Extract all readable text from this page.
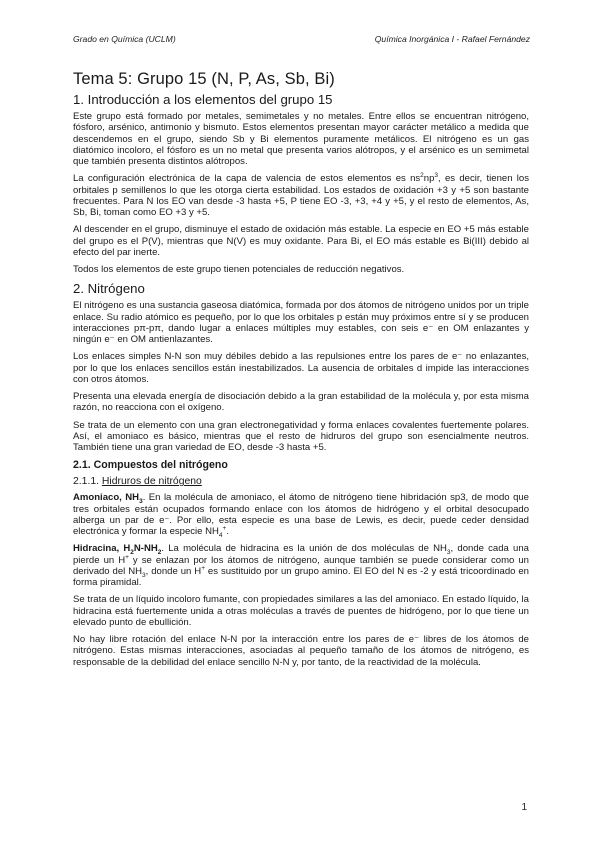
Grado en Química (UCLM)	Química Inorgánica I - Rafael Fernández
Tema 5: Grupo 15 (N, P, As, Sb, Bi)
1. Introducción a los elementos del grupo 15

Este grupo está formado por metales, semimetales y no metales. Entre ellos se encuentran nitrógeno, fósforo, arsénico, antimonio y bismuto. Estos elementos presentan mayor carácter metálico a medida que descendemos en el grupo, siendo Sb y Bi elementos puramente metálicos. El nitrógeno es un gas diatómico incoloro, el fósforo es un no metal que presenta varios alótropos, y el arsénico es un semimetal que también presenta distintos alótropos.

La configuración electrónica de la capa de valencia de estos elementos es $ns^2np^3$, es decir, tienen los orbitales p semillenos lo que les otorga cierta estabilidad. Los estados de oxidación +3 y +5 son bastante frecuentes. Para N los EO van desde -3 hasta +5, P tiene EO -3, +3, +4 y +5, y el resto de elementos, As, Sb, Bi, toman como EO +3 y +5.

Al descender en el grupo, disminuye el estado de oxidación más estable. La especie en EO +5 más estable del grupo es el P(V), mientras que N(V) es muy oxidante. Para Bi, el EO más estable es Bi(III) debido al efecto del par inerte.

Todos los elementos de este grupo tienen potenciales de reducción negativos.

2. Nitrógeno

El nitrógeno es una sustancia gaseosa diatómica, formada por dos átomos de nitrógeno unidos por un triple enlace. Su radio atómico es pequeño, por lo que los orbitales p están muy próximos entre sí y se producen interacciones pπ-pπ, dando lugar a enlaces múltiples muy estables, con seis e⁻ en OM enlazantes y ningún e⁻ en OM antienlazantes.

Los enlaces simples N-N son muy débiles debido a las repulsiones entre los pares de e⁻ no enlazantes, por lo que los enlaces sencillos están inestabilizados. La ausencia de orbitales d impide las interacciones con otros átomos.

Presenta una elevada energía de disociación debido a la gran estabilidad de la molécula y, por esta misma razón, no reacciona con el oxígeno.

Se trata de un elemento con una gran electronegatividad y forma enlaces covalentes fuertemente polares. Así, el amoniaco es básico, mientras que el resto de hidruros del grupo son esencialmente neutros. También tiene una gran variedad de EO, desde -3 hasta +5.

2.1. Compuestos del nitrógeno
2.1.1. Hidruros de nitrógeno

Amoniaco, $NH_3$. En la molécula de amoniaco, el átomo de nitrógeno tiene hibridación sp3, de modo que tres orbitales están ocupados formando enlace con los átomos de hidrógeno y el orbital desocupado alberga un par de e⁻. Por ello, esta especie es una base de Lewis, es decir, puede ceder densidad electrónica y formar la especie $NH_4^+$.

Hidracina, $H_2N-NH_2$. La molécula de hidracina es la unión de dos moléculas de $NH_3$, donde cada una pierde un H+ y se enlazan por los átomos de nitrógeno, aunque también se puede considerar como un derivado del $NH_3$, donde un H+ es sustituido por un grupo amino. El EO del N es -2 y está tricoordinado en forma piramidal.

Se trata de un líquido incoloro fumante, con propiedades similares a las del amoniaco. En estado líquido, la hidracina está fuertemente unida a otras moléculas a través de puentes de hidrógeno, por lo que tiene un elevado punto de ebullición.

No hay libre rotación del enlace N-N por la interacción entre los pares de e⁻ libres de los átomos de nitrógeno. Estas mismas interacciones, asociadas al pequeño tamaño de los átomos de nitrógeno, es responsable de la debilidad del enlace sencillo N-N y, por tanto, de la reactividad de la molécula.

1
